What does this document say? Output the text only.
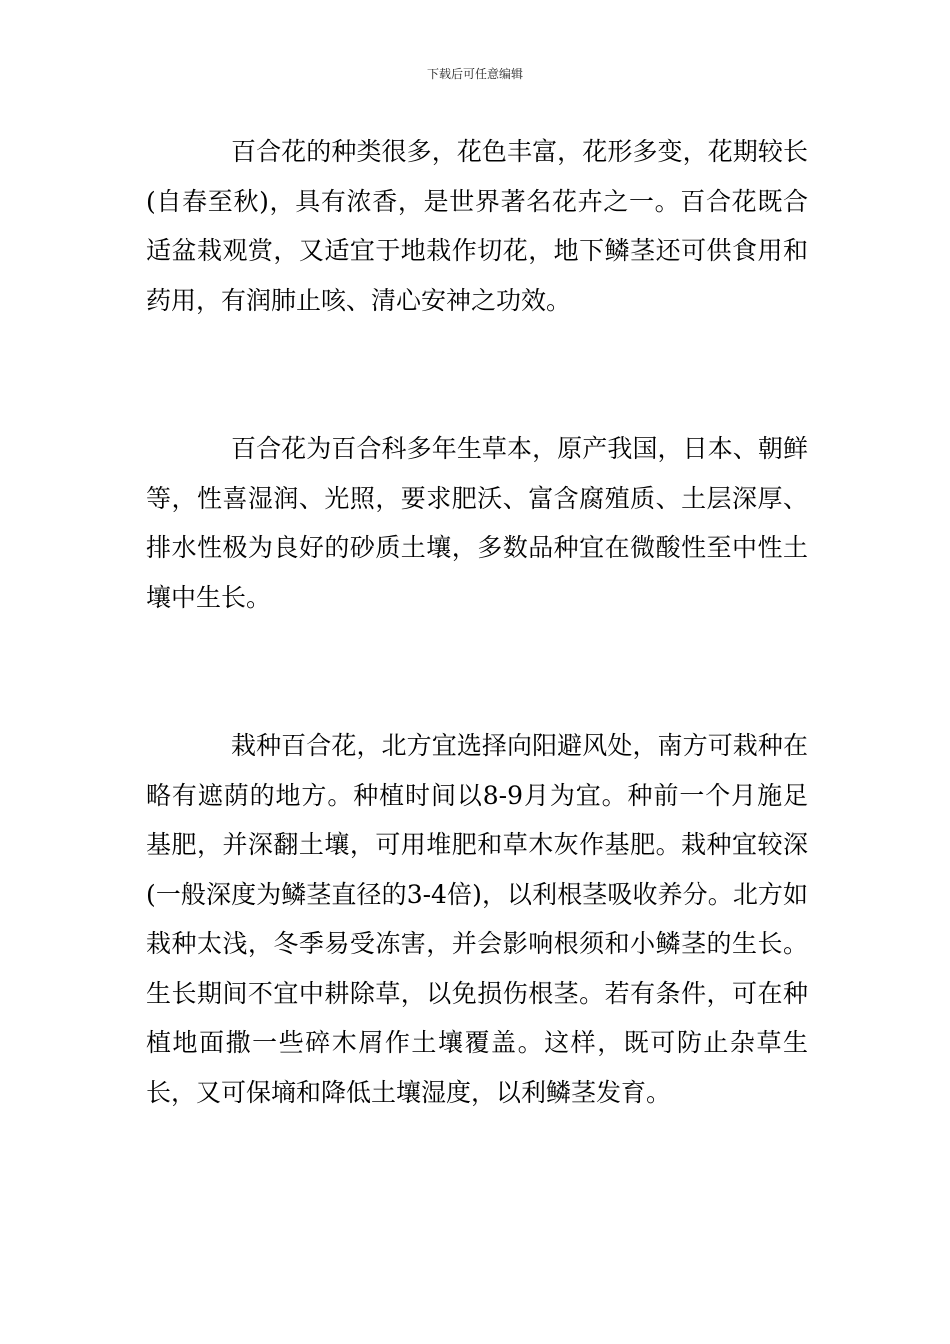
下载后可任意编辑

百合花的种类很多，花色丰富，花形多变，花期较长(自春至秋)，具有浓香，是世界著名花卉之一。百合花既合适盆栽观赏，又适宜于地栽作切花，地下鳞茎还可供食用和药用，有润肺止咳、清心安神之功效。

百合花为百合科多年生草本，原产我国，日本、朝鲜等，性喜湿润、光照，要求肥沃、富含腐殖质、土层深厚、排水性极为良好的砂质土壤，多数品种宜在微酸性至中性土壤中生长。

栽种百合花，北方宜选择向阳避风处，南方可栽种在略有遮荫的地方。种植时间以8-9月为宜。种前一个月施足基肥，并深翻土壤，可用堆肥和草木灰作基肥。栽种宜较深(一般深度为鳞茎直径的3-4倍)，以利根茎吸收养分。北方如栽种太浅，冬季易受冻害，并会影响根须和小鳞茎的生长。生长期间不宜中耕除草，以免损伤根茎。若有条件，可在种植地面撒一些碎木屑作土壤覆盖。这样，既可防止杂草生长，又可保墒和降低土壤湿度，以利鳞茎发育。
